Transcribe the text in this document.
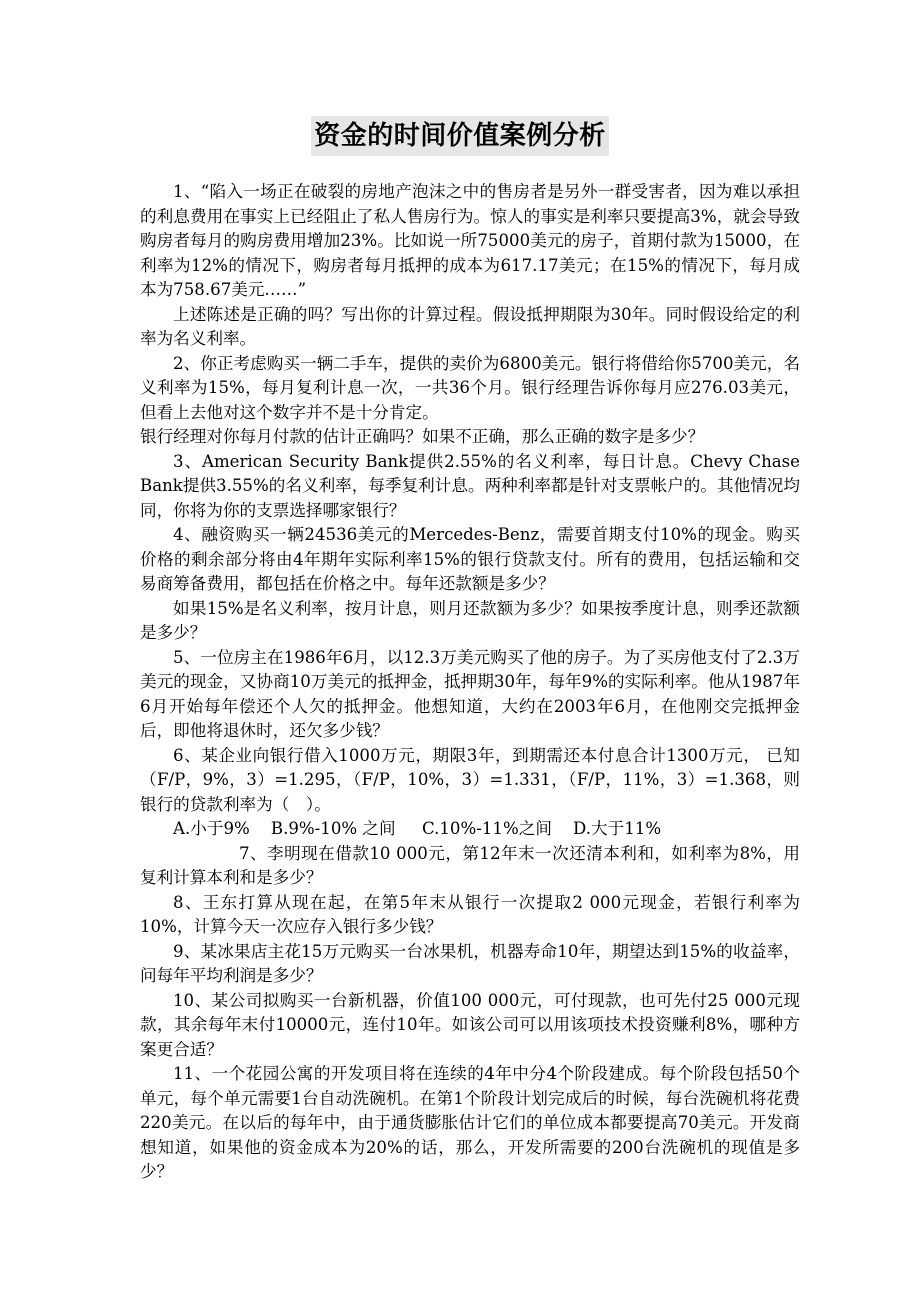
资金的时间价值案例分析

1、“陷入一场正在破裂的房地产泡沫之中的售房者是另外一群受害者，因为难以承担的利息费用在事实上已经阻止了私人售房行为。惊人的事实是利率只要提高3%，就会导致购房者每月的购房费用增加23%。比如说一所75000美元的房子，首期付款为15000，在利率为12%的情况下，购房者每月抵押的成本为617.17美元；在15%的情况下，每月成本为758.67美元……”

上述陈述是正确的吗？写出你的计算过程。假设抵押期限为30年。同时假设给定的利率为名义利率。

2、你正考虑购买一辆二手车，提供的卖价为6800美元。银行将借给你5700美元，名义利率为15%，每月复利计息一次，一共36个月。银行经理告诉你每月应276.03美元，但看上去他对这个数字并不是十分肯定。

银行经理对你每月付款的估计正确吗？如果不正确，那么正确的数字是多少？

3、American Security Bank提供2.55%的名义利率，每日计息。Chevy Chase Bank提供3.55%的名义利率，每季复利计息。两种利率都是针对支票帐户的。其他情况均同，你将为你的支票选择哪家银行？

4、融资购买一辆24536美元的Mercedes-Benz，需要首期支付10%的现金。购买价格的剩余部分将由4年期年实际利率15%的银行贷款支付。所有的费用，包括运输和交易商筹备费用，都包括在价格之中。每年还款额是多少？

如果15%是名义利率，按月计息，则月还款额为多少？如果按季度计息，则季还款额是多少？

5、一位房主在1986年6月，以12.3万美元购买了他的房子。为了买房他支付了2.3万美元的现金，又协商10万美元的抵押金，抵押期30年，每年9%的实际利率。他从1987年6月开始每年偿还个人欠的抵押金。他想知道，大约在2003年6月，在他刚交完抵押金后，即他将退休时，还欠多少钱？

6、某企业向银行借入1000万元，期限3年，到期需还本付息合计1300万元， 已知（F/P，9%，3）=1.295，（F/P，10%，3）=1.331，（F/P，11%，3）=1.368，则银行的贷款利率为（　）。

A.小于9%    B.9%-10% 之间     C.10%-11%之间    D.大于11%

7、李明现在借款10 000元，第12年末一次还清本利和，如利率为8%，用复利计算本利和是多少？

8、王东打算从现在起，在第5年末从银行一次提取2 000元现金，若银行利率为10%，计算今天一次应存入银行多少钱？

9、某冰果店主花15万元购买一台冰果机，机器寿命10年，期望达到15%的收益率，问每年平均利润是多少？

10、某公司拟购买一台新机器，价值100 000元，可付现款，也可先付25 000元现款，其余每年末付10000元，连付10年。如该公司可以用该项技术投资赚利8%，哪种方案更合适？

11、一个花园公寓的开发项目将在连续的4年中分4个阶段建成。每个阶段包括50个单元，每个单元需要1台自动洗碗机。在第1个阶段计划完成后的时候，每台洗碗机将花费220美元。在以后的每年中，由于通货膨胀估计它们的单位成本都要提高70美元。开发商想知道，如果他的资金成本为20%的话，那么，开发所需要的200台洗碗机的现值是多少？
